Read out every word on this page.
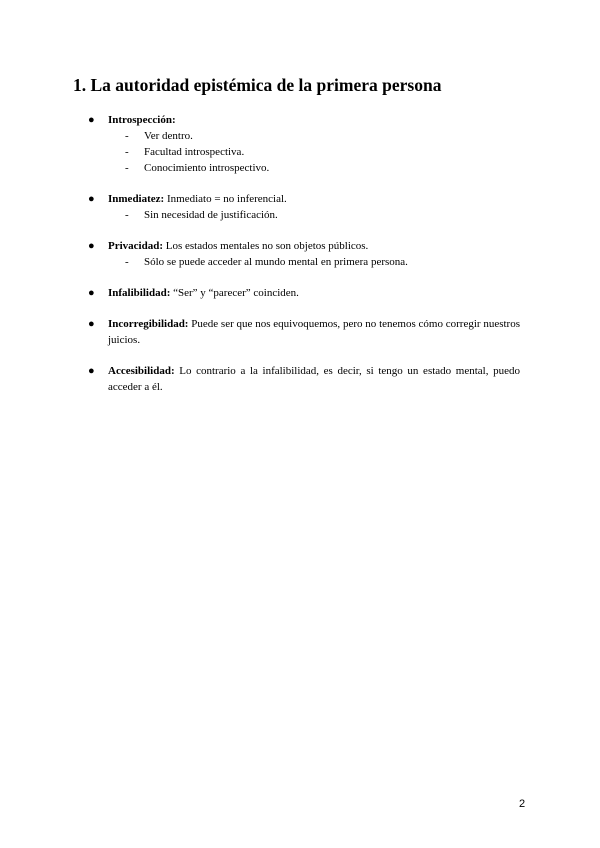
1. La autoridad epistémica de la primera persona
● Introspección:
- Ver dentro.
- Facultad introspectiva.
- Conocimiento introspectivo.
● Inmediatez: Inmediato = no inferencial.
- Sin necesidad de justificación.
● Privacidad: Los estados mentales no son objetos públicos.
- Sólo se puede acceder al mundo mental en primera persona.
● Infalibilidad: “Ser” y “parecer” coinciden.
● Incorregibilidad: Puede ser que nos equivoquemos, pero no tenemos cómo corregir nuestros juicios.
● Accesibilidad: Lo contrario a la infalibilidad, es decir, si tengo un estado mental, puedo acceder a él.
2
